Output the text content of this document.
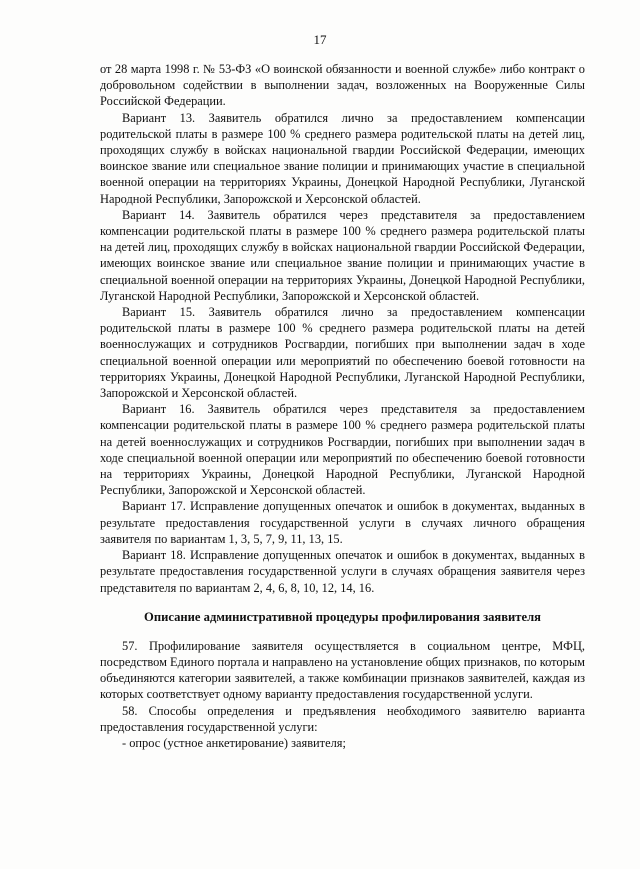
17

от 28 марта 1998 г. № 53-ФЗ «О воинской обязанности и военной службе» либо контракт о добровольном содействии в выполнении задач, возложенных на Вооруженные Силы Российской Федерации.

Вариант 13. Заявитель обратился лично за предоставлением компенсации родительской платы в размере 100 % среднего размера родительской платы на детей лиц, проходящих службу в войсках национальной гвардии Российской Федерации, имеющих воинское звание или специальное звание полиции и принимающих участие в специальной военной операции на территориях Украины, Донецкой Народной Республики, Луганской Народной Республики, Запорожской и Херсонской областей.

Вариант 14. Заявитель обратился через представителя за предоставлением компенсации родительской платы в размере 100 % среднего размера родительской платы на детей лиц, проходящих службу в войсках национальной гвардии Российской Федерации, имеющих воинское звание или специальное звание полиции и принимающих участие в специальной военной операции на территориях Украины, Донецкой Народной Республики, Луганской Народной Республики, Запорожской и Херсонской областей.

Вариант 15. Заявитель обратился лично за предоставлением компенсации родительской платы в размере 100 % среднего размера родительской платы на детей военнослужащих и сотрудников Росгвардии, погибших при выполнении задач в ходе специальной военной операции или мероприятий по обеспечению боевой готовности на территориях Украины, Донецкой Народной Республики, Луганской Народной Республики, Запорожской и Херсонской областей.

Вариант 16. Заявитель обратился через представителя за предоставлением компенсации родительской платы в размере 100 % среднего размера родительской платы на детей военнослужащих и сотрудников Росгвардии, погибших при выполнении задач в ходе специальной военной операции или мероприятий по обеспечению боевой готовности на территориях Украины, Донецкой Народной Республики, Луганской Народной Республики, Запорожской и Херсонской областей.

Вариант 17. Исправление допущенных опечаток и ошибок в документах, выданных в результате предоставления государственной услуги в случаях личного обращения заявителя по вариантам 1, 3, 5, 7, 9, 11, 13, 15.

Вариант 18. Исправление допущенных опечаток и ошибок в документах, выданных в результате предоставления государственной услуги в случаях обращения заявителя через представителя по вариантам 2, 4, 6, 8, 10, 12, 14, 16.

Описание административной процедуры профилирования заявителя

57. Профилирование заявителя осуществляется в социальном центре, МФЦ, посредством Единого портала и направлено на установление общих признаков, по которым объединяются категории заявителей, а также комбинации признаков заявителей, каждая из которых соответствует одному варианту предоставления государственной услуги.

58. Способы определения и предъявления необходимого заявителю варианта предоставления государственной услуги:

- опрос (устное анкетирование) заявителя;
